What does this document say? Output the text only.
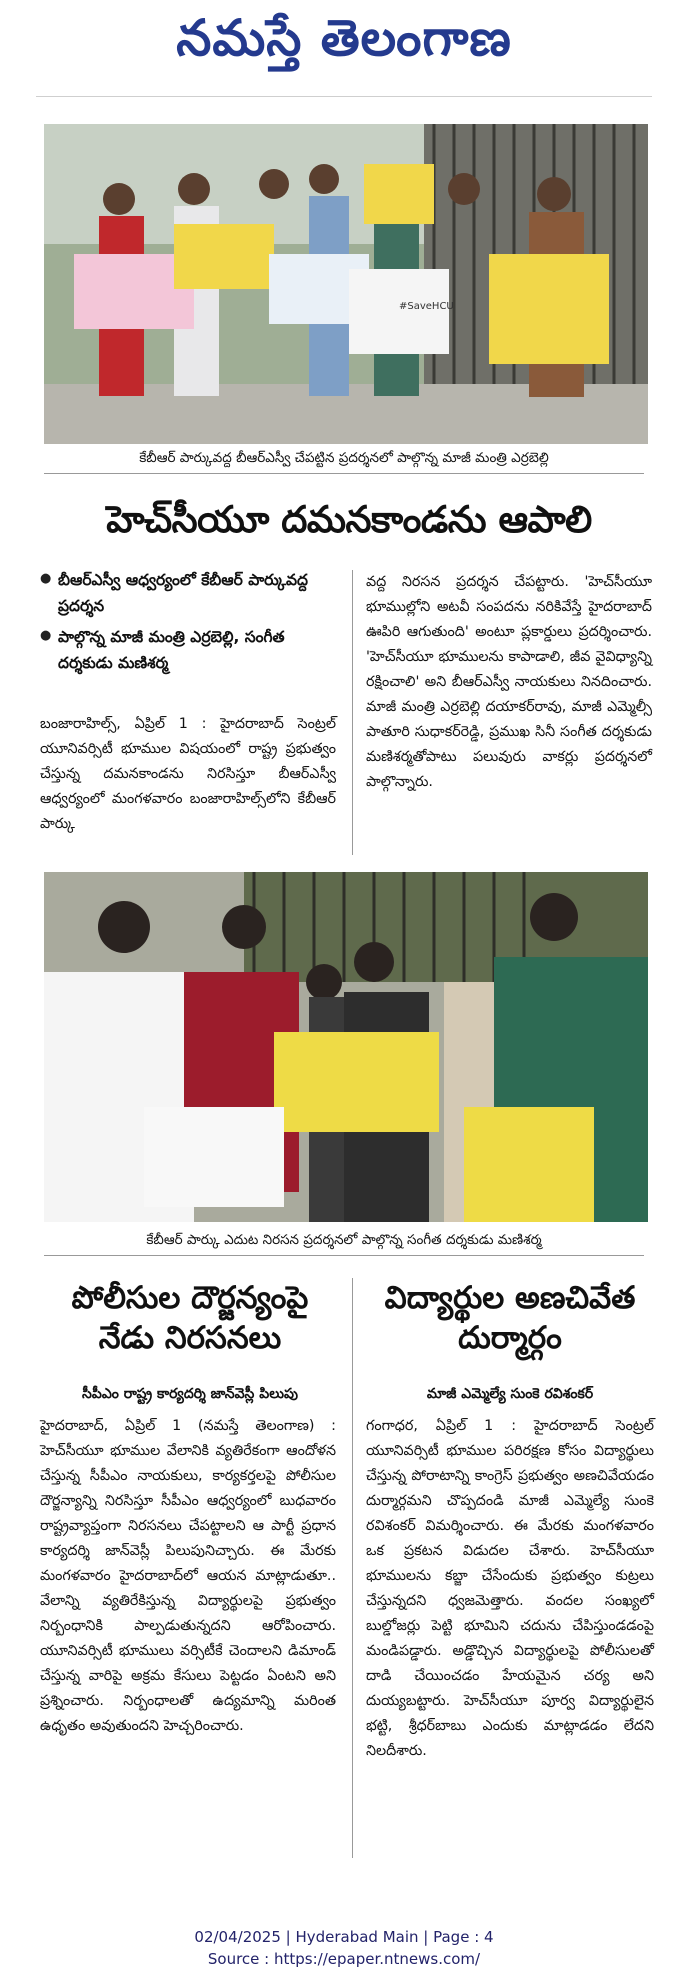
నమస్తే తెలంగాణ
#SaveHCU
కేబీఆర్ పార్కువద్ద బీఆర్‌ఎస్వీ చేపట్టిన ప్రదర్శనలో పాల్గొన్న మాజీ మంత్రి ఎర్రబెల్లి
హెచ్‌సీయూ దమనకాండను ఆపాలి
● బీఆర్‌ఎస్వీ ఆధ్వర్యంలో కేబీఆర్ పార్కువద్ద ప్రదర్శన
● పాల్గొన్న మాజీ మంత్రి ఎర్రబెల్లి, సంగీత దర్శకుడు మణిశర్మ
బంజారాహిల్స్, ఏప్రిల్ 1 : హైదరాబాద్ సెంట్రల్ యూనివర్సిటీ భూముల విషయంలో రాష్ట్ర ప్రభుత్వం చేస్తున్న దమనకాండను నిరసిస్తూ బీఆర్‌ఎస్వీ ఆధ్వర్యంలో మంగళవారం బంజారాహిల్స్‌లోని కేబీఆర్ పార్కు
వద్ద నిరసన ప్రదర్శన చేపట్టారు. 'హెచ్‌సీయూ భూముల్లోని అటవీ సంపదను నరికివేస్తే హైదరాబాద్ ఊపిరి ఆగుతుంది' అంటూ ప్లకార్డులు ప్రదర్శించారు. 'హెచ్‌సీయూ భూములను కాపాడాలి, జీవ వైవిధ్యాన్ని రక్షించాలి' అని బీఆర్‌ఎస్వీ నాయకులు నినదించారు. మాజీ మంత్రి ఎర్రబెల్లి దయాకర్‌రావు, మాజీ ఎమ్మెల్సీ పాతూరి సుధాకర్‌రెడ్డి, ప్రముఖ సినీ సంగీత దర్శకుడు మణిశర్మతోపాటు పలువురు వాకర్లు ప్రదర్శనలో పాల్గొన్నారు.
కేబీఆర్ పార్కు ఎదుట నిరసన ప్రదర్శనలో పాల్గొన్న సంగీత దర్శకుడు మణిశర్మ
పోలీసుల దౌర్జన్యంపై నేడు నిరసనలు
సీపీఎం రాష్ట్ర కార్యదర్శి జాన్‌వెస్లీ పిలుపు
హైదరాబాద్, ఏప్రిల్ 1 (నమస్తే తెలంగాణ) : హెచ్‌సీయూ భూముల వేలానికి వ్యతిరేకంగా ఆందోళన చేస్తున్న సీపీఎం నాయకులు, కార్యకర్తలపై పోలీసుల దౌర్జన్యాన్ని నిరసిస్తూ సీపీఎం ఆధ్వర్యంలో బుధవారం రాష్ట్రవ్యాప్తంగా నిరసనలు చేపట్టాలని ఆ పార్టీ ప్రధాన కార్యదర్శి జాన్‌వెస్లీ పిలుపునిచ్చారు. ఈ మేరకు మంగళవారం హైదరాబాద్‌లో ఆయన మాట్లాడుతూ.. వేలాన్ని వ్యతిరేకిస్తున్న విద్యార్థులపై ప్రభుత్వం నిర్బంధానికి పాల్పడుతున్నదని ఆరోపించారు. యూనివర్సిటీ భూములు వర్సిటీకే చెందాలని డిమాండ్ చేస్తున్న వారిపై అక్రమ కేసులు పెట్టడం ఏంటని అని ప్రశ్నించారు. నిర్బంధాలతో ఉద్యమాన్ని మరింత ఉధృతం అవుతుందని హెచ్చరించారు.
విద్యార్థుల అణచివేత దుర్మార్గం
మాజీ ఎమ్మెల్యే సుంకె రవిశంకర్
గంగాధర, ఏప్రిల్ 1 : హైదరాబాద్ సెంట్రల్ యూనివర్సిటీ భూముల పరిరక్షణ కోసం విద్యార్థులు చేస్తున్న పోరాటాన్ని కాంగ్రెస్ ప్రభుత్వం అణచివేయడం దుర్మార్గమని చొప్పదండి మాజీ ఎమ్మెల్యే సుంకె రవిశంకర్ విమర్శించారు. ఈ మేరకు మంగళవారం ఒక ప్రకటన విడుదల చేశారు. హెచ్‌సీయూ భూములను కబ్జా చేసేందుకు ప్రభుత్వం కుట్రలు చేస్తున్నదని ధ్వజమెత్తారు. వందల సంఖ్యలో బుల్డోజర్లు పెట్టి భూమిని చదును చేపిస్తుండడంపై మండిపడ్డారు. అడ్డొచ్చిన విద్యార్థులపై పోలీసులతో దాడి చేయించడం హేయమైన చర్య అని దుయ్యబట్టారు. హెచ్‌సీయూ పూర్వ విద్యార్థులైన భట్టి, శ్రీధర్‌బాబు ఎందుకు మాట్లాడడం లేదని నిలదీశారు.
02/04/2025 | Hyderabad Main | Page : 4
Source : https://epaper.ntnews.com/
